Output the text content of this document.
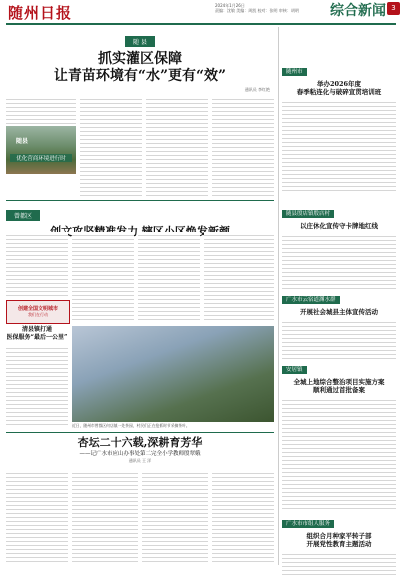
随州日报	2024年1月26日
责编：沈敏 美编：周凯 校对：张明 审核：胡明 综合新闻 3
随 县
抓实灌区保障
让青苗环境有“水”更有“效”
通讯员 李红艳
随县
优化营商环境进行时
曾都区
创建全国文明城市
我们在行动
清县镇打通
医保服务“最后一公里”
近日，随州市曾都区何店镇一处茶园，村民们正在抢抓时节采摘茶叶。
杏坛二十六载,深耕育芳华
——记广水市应山办事处第二完全小学教师殷翠娥
通讯员 王 洋
随州市
举办2026年度
春季粘连化与破碎宣贯培训班
随县殷店镇殷店村
以庄休化宣传守卡牌地红线
广水市云宿道渊水群
开展社会城县主体宣传活动
安居镇
全城上地综合整治项目实施方案
顺利通过首批备案
广水市市组人服务
组织合月种家平转子部
开展党性教育主题活动
